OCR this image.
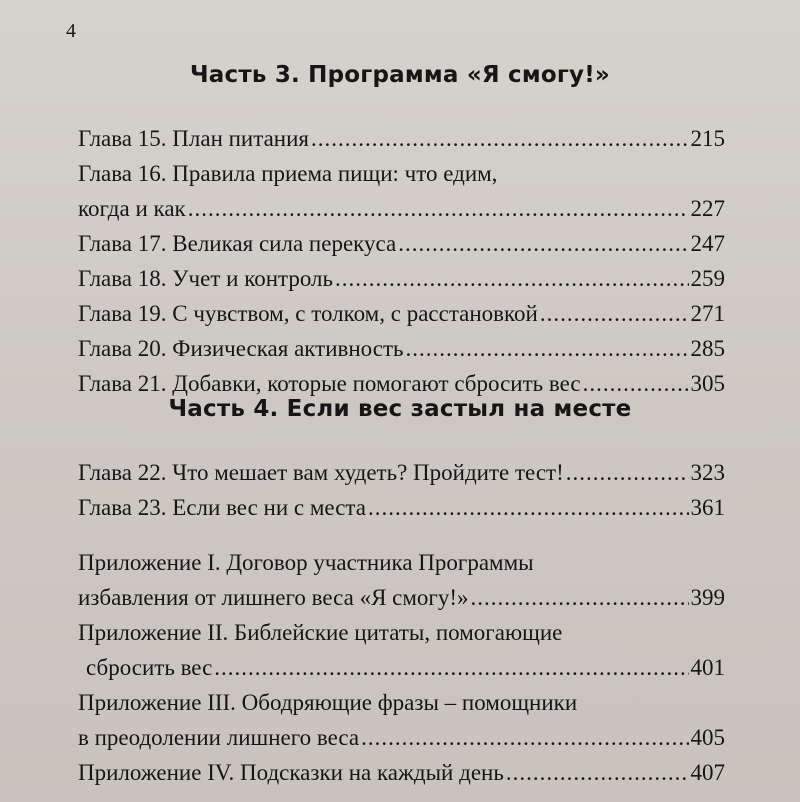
4
Часть 3. Программа «Я смогу!»
Глава 15. План питания .....	215
Глава 16. Правила приема пищи: что едим,
когда и как .....	227
Глава 17. Великая сила перекуса .....	247
Глава 18. Учет и контроль .....	259
Глава 19. С чувством, с толком, с расстановкой .....	271
Глава 20. Физическая активность .....	285
Глава 21. Добавки, которые помогают сбросить вес .....	305
Часть 4. Если вес застыл на месте
Глава 22. Что мешает вам худеть? Пройдите тест! .....	323
Глава 23. Если вес ни с места .....	361
Приложение I. Договор участника Программы
избавления от лишнего веса «Я смогу!» .....	399
Приложение II. Библейские цитаты, помогающие
сбросить вес .....	401
Приложение III. Ободряющие фразы – помощники
в преодолении лишнего веса .....	405
Приложение IV. Подсказки на каждый день .....	407
